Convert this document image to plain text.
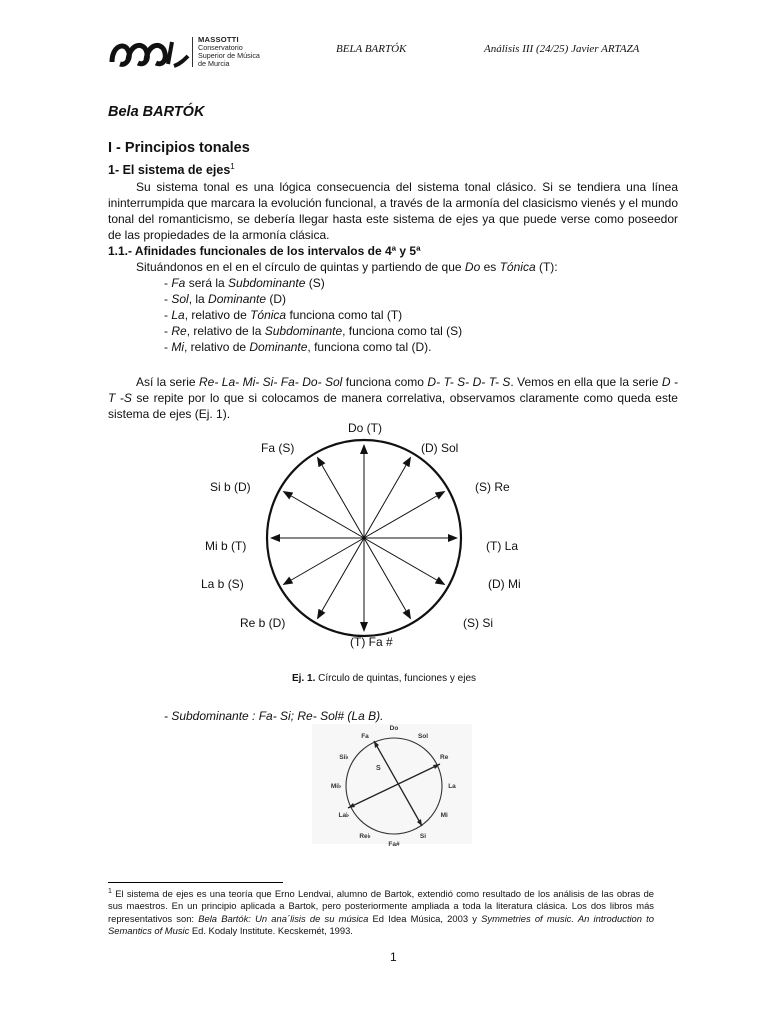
MASSOTTI
Conservatorio
Superior de Música
de Murcia
BELA BARTÓK	Análisis III (24/25) Javier ARTAZA
Bela BARTÓK
I - Principios tonales
1- El sistema de ejes$^1$
Su sistema tonal es una lógica consecuencia del sistema tonal clásico. Si se tendiera una línea ininterrumpida que marcara la evolución funcional, a través de la armonía del clasicismo vienés y el mundo tonal del romanticismo, se debería llegar hasta este sistema de ejes ya que puede verse como poseedor de las propiedades de la armonía clásica.
1.1.- Afinidades funcionales de los intervalos de 4ª y 5ª
Situándonos en el en el círculo de quintas y partiendo de que Do es Tónica (T):
- Fa será la Subdominante (S)
- Sol, la Dominante (D)
- La, relativo de Tónica funciona como tal (T)
- Re, relativo de la Subdominante, funciona como tal (S)
- Mi, relativo de Dominante, funciona como tal (D).
Así la serie Re- La- Mi- Si- Fa- Do- Sol funciona como D- T- S- D- T- S. Vemos en ella que la serie D -T -S se repite por lo que si colocamos de manera correlativa, observamos claramente como queda este sistema de ejes (Ej. 1).
Do (T)
(D) Sol
(S) Re
(T) La
(D) Mi
(S) Si
(T) Fa #
Re b (D)
La b (S)
Mi b (T)
Si b (D)
Fa (S)
Ej. 1. Círculo de quintas, funciones y ejes
- Subdominante : Fa- Si; Re- Sol# (La B).
Do
Sol
Re
La
Mi
Si
Fa#
Re♭
La♭
Mi♭
Si♭
Fa
S
$^1$ El sistema de ejes es una teoría que Erno Lendvai, alumno de Bartok, extendió como resultado de los análisis de las obras de sus maestros. En un principio aplicada a Bartok, pero posteriormente ampliada a toda la literatura clásica. Los dos libros más representativos son: Bela Bartók: Un ana´lisis de su música Ed Idea Música, 2003 y Symmetries of music. An introduction to Semantics of Music Ed. Kodaly Institute. Kecskemét, 1993.
1
